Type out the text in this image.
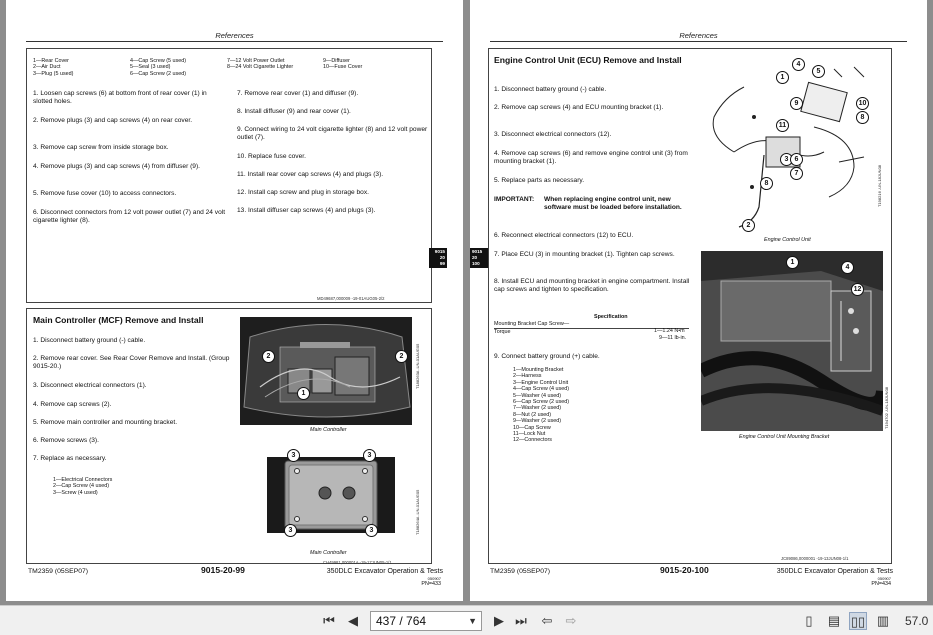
References
1—Rear Cover
2—Air Duct
3—Plug (5 used)
4—Cap Screw (5 used)
5—Seal (3 used)
6—Cap Screw (2 used)
7—12 Volt Power Outlet
8—24 Volt Cigarette Lighter
9—Diffuser
10—Fuse Cover
1. Loosen cap screws (6) at bottom front of rear cover (1) in slotted holes.
2. Remove plugs (3) and cap screws (4) on rear cover.
3. Remove cap screw from inside storage box.
4. Remove plugs (3) and cap screws (4) from diffuser (9).
5. Remove fuse cover (10) to access connectors.
6. Disconnect connectors from 12 volt power outlet (7) and 24 volt cigarette lighter (8).
7. Remove rear cover (1) and diffuser (9).
8. Install diffuser (9) and rear cover (1).
9. Connect wiring to 24 volt cigarette lighter (8) and 12 volt power outlet (7).
10. Replace fuse cover.
11. Install rear cover cap screws (4) and plugs (3).
12. Install cap screw and plug in storage box.
13. Install diffuser cap screws (4) and plugs (3).
MD49687,000009 -19-01AUG05-2/2
9015
20
99
Main Controller (MCF) Remove and Install
1. Disconnect battery ground (-) cable.
2. Remove rear cover. See Rear Cover Remove and Install. (Group 9015-20.)
3. Disconnect electrical connectors (1).
4. Remove cap screws (2).
5. Remove main controller and mounting bracket.
6. Remove screws (3).
7. Replace as necessary.
1—Electrical Connectors
2—Cap Screw (4 used)
3—Screw (4 used)
2	2
1
Main Controller
T188263A -UN-01AUG05
3	3
3	3
Main Controller
T188264A -UN-01AUG05
CH49981,000001A -19-17JUN05-1/1
TM2359 (05SEP07)	9015-20-99	350DLC Excavator Operation & Tests
050907
PN=433
References
9015
20
100
Engine Control Unit (ECU) Remove and Install
1. Disconnect battery ground (-) cable.
2. Remove cap screws (4) and ECU mounting bracket (1).
3. Disconnect electrical connectors (12).
4. Remove cap screws (6) and remove engine control unit (3) from mounting bracket (1).
5. Replace parts as necessary.
IMPORTANT: When replacing engine control unit, new software must be loaded before installation.
6. Reconnect electrical connectors (12) to ECU.
7. Place ECU (3) in mounting bracket (1). Tighten cap screws.
8. Install ECU and mounting bracket in engine compartment. Install cap screws and tighten to specification.
Specification
Mounting Bracket Cap Screw—
Torque	1—1.24 N•m
9—11 lb-in.
9. Connect battery ground (+) cable.
1—Mounting Bracket
2—Harness
3—Engine Control Unit
4—Cap Screw (4 used)
5—Washer (4 used)
6—Cap Screw (2 used)
7—Washer (2 used)
8—Nut (2 used)
9—Washer (2 used)
10—Cap Screw
11—Lock Nut
12—Connectors
1
4
5
10
8
9
11
3
7
6
8
2
Engine Control Unit
T198216 -UN-18JUN08
1
4
12
Engine Control Unit Mounting Bracket
T194702 -UN-18JUN08
JC89086,0000001 -19-13JUN08-1/1
TM2359 (05SEP07)	9015-20-100	350DLC Excavator Operation & Tests
050907
PN=434
⏮	◀	437 / 764	▼	▶ ⏭ ⇦ ⇨	▯	▤ ▯▯ ▥ 57.0
